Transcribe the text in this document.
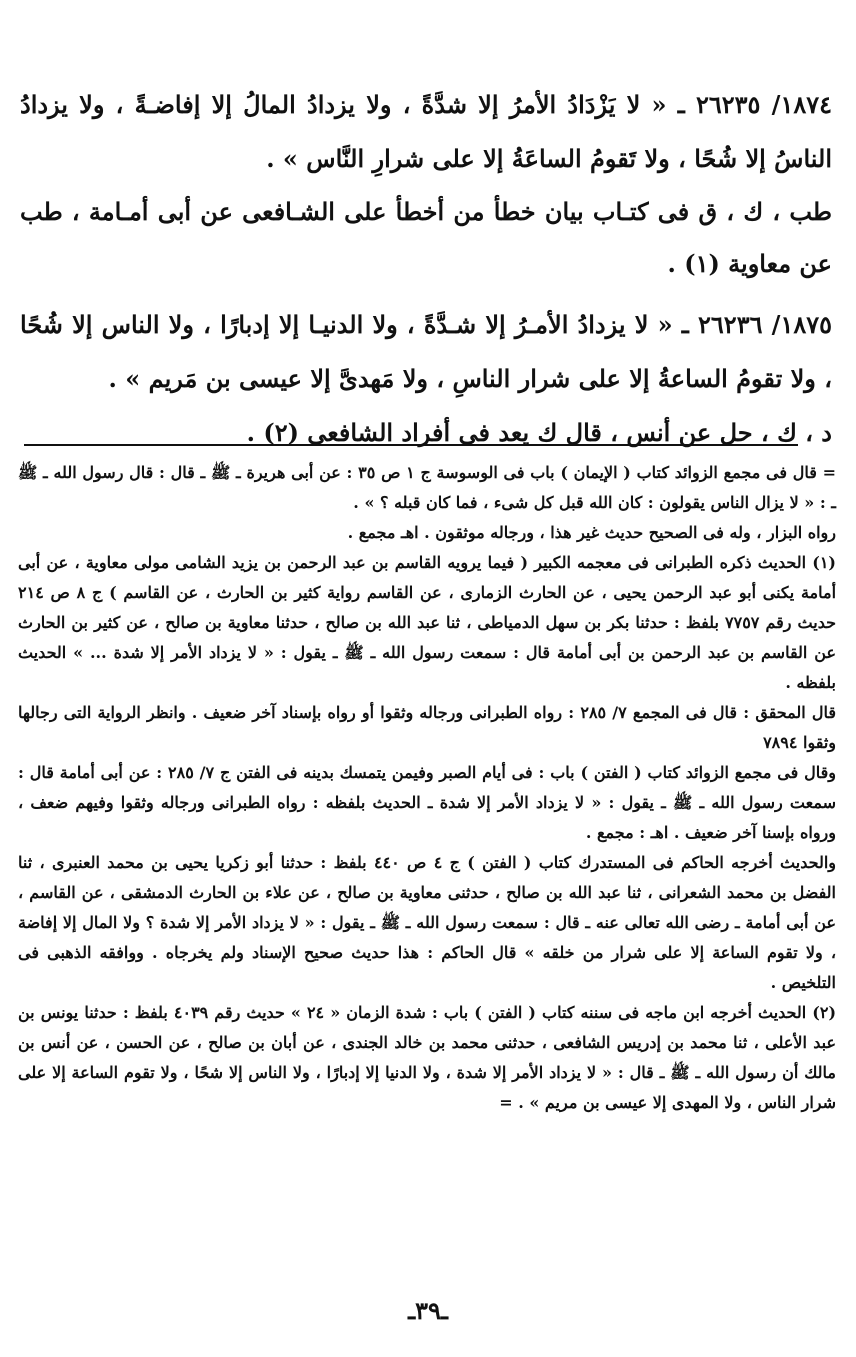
١٨٧٤/ ٢٦٢٣٥ ـ « لا يَزْدَادُ الأمرُ إلا شدَّةً ، ولا يزدادُ المالُ إلا إفاضـةً ، ولا يزدادُ الناسُ إلا شُحًا ، ولا تَقومُ الساعَةُ إلا على شرارِ النَّاس » .

طب ، ك ، ق فى كتـاب بيان خطأ من أخطأ على الشـافعى عن أبى أمـامة ، طب عن معاوية (١) .

١٨٧٥/ ٢٦٢٣٦ ـ « لا يزدادُ الأمـرُ إلا شـدَّةً ، ولا الدنيـا إلا إدبارًا ، ولا الناس إلا شُحًا ، ولا تقومُ الساعةُ إلا على شرار الناسِ ، ولا مَهدىَّ إلا عيسى بن مَريم » .

د ، ك ، حل عن أنس ، قال ك يعد فى أفراد الشافعى (٢) .

= قال فى مجمع الزوائد كتاب ( الإيمان ) باب فى الوسوسة ج ١ ص ٣٥ : عن أبى هريرة ـ ﷺ ـ قال : قال رسول الله ـ ﷺ ـ : « لا يزال الناس يقولون : كان الله قبل كل شىء ، فما كان قبله ؟ » .

رواه البزار ، وله فى الصحيح حديث غير هذا ، ورجاله موثقون . اهـ مجمع .

(١) الحديث ذكره الطبرانى فى معجمه الكبير ( فيما يرويه القاسم بن عبد الرحمن بن يزيد الشامى مولى معاوية ، عن أبى أمامة يكنى أبو عبد الرحمن يحيى ، عن الحارث الزمارى ، عن القاسم رواية كثير بن الحارث ، عن القاسم ) ج ٨ ص ٢١٤ حديث رقم ٧٧٥٧ بلفظ : حدثنا بكر بن سهل الدمياطى ، ثنا عبد الله بن صالح ، حدثنا معاوية بن صالح ، عن كثير بن الحارث عن القاسم بن عبد الرحمن بن أبى أمامة قال : سمعت رسول الله ـ ﷺ ـ يقول : « لا يزداد الأمر إلا شدة ... » الحديث بلفظه .

قال المحقق : قال فى المجمع ٧/ ٢٨٥ : رواه الطبرانى ورجاله وثقوا أو رواه بإسناد آخر ضعيف . وانظر الرواية التى رجالها وثقوا ٧٨٩٤

وقال فى مجمع الزوائد كتاب ( الفتن ) باب : فى أيام الصبر وفيمن يتمسك بدينه فى الفتن ج ٧/ ٢٨٥ : عن أبى أمامة قال : سمعت رسول الله ـ ﷺ ـ يقول : « لا يزداد الأمر إلا شدة ـ الحديث بلفظه : رواه الطبرانى ورجاله وثقوا وفيهم ضعف ، ورواه بإسنا آخر ضعيف . اهـ : مجمع .

والحديث أخرجه الحاكم فى المستدرك كتاب ( الفتن ) ج ٤ ص ٤٤٠ بلفظ : حدثنا أبو زكريا يحيى بن محمد العنبرى ، ثنا الفضل بن محمد الشعرانى ، ثنا عبد الله بن صالح ، حدثنى معاوية بن صالح ، عن علاء بن الحارث الدمشقى ، عن القاسم ، عن أبى أمامة ـ رضى الله تعالى عنه ـ قال : سمعت رسول الله ـ ﷺ ـ يقول : « لا يزداد الأمر إلا شدة ؟ ولا المال إلا إفاضة ، ولا تقوم الساعة إلا على شرار من خلقه » قال الحاكم : هذا حديث صحيح الإسناد ولم يخرجاه . ووافقه الذهبى فى التلخيص .

(٢) الحديث أخرجه ابن ماجه فى سننه كتاب ( الفتن ) باب : شدة الزمان « ٢٤ » حديث رقم ٤٠٣٩ بلفظ : حدثنا يونس بن عبد الأعلى ، ثنا محمد بن إدريس الشافعى ، حدثنى محمد بن خالد الجندى ، عن أبان بن صالح ، عن الحسن ، عن أنس بن مالك أن رسول الله ـ ﷺ ـ قال : « لا يزداد الأمر إلا شدة ، ولا الدنيا إلا إدبارًا ، ولا الناس إلا شحًا ، ولا تقوم الساعة إلا على شرار الناس ، ولا المهدى إلا عيسى بن مريم » . =

ـ٣٩ـ
